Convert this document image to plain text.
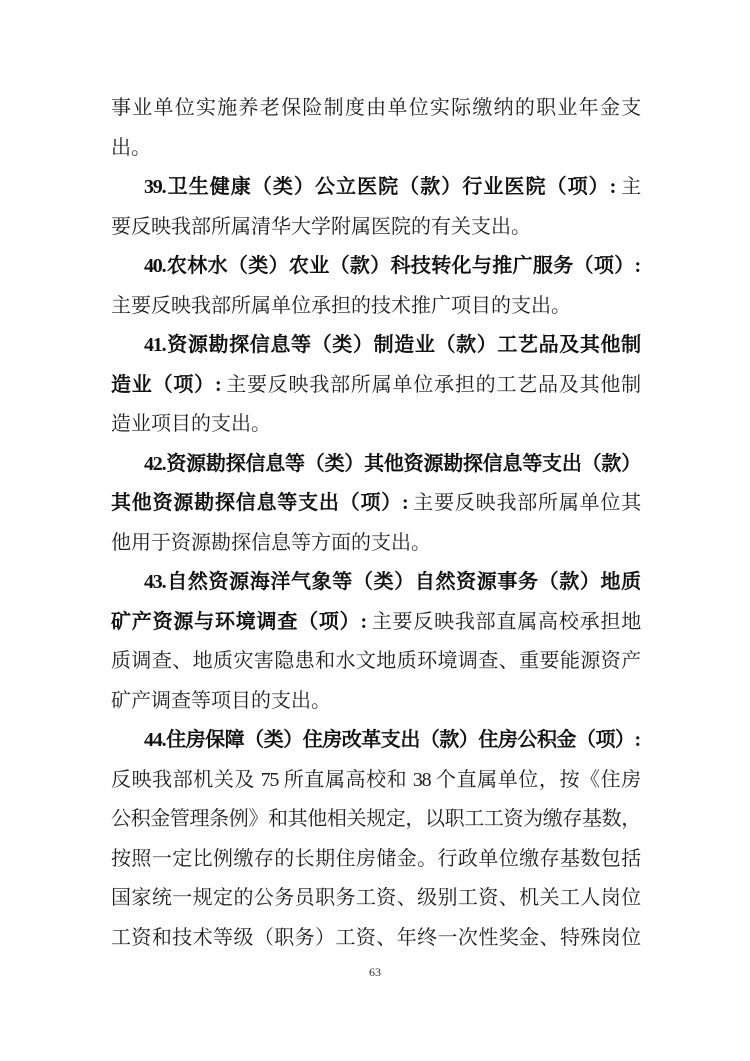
事业单位实施养老保险制度由单位实际缴纳的职业年金支
出。
39.卫生健康（类）公立医院（款）行业医院（项）: 主
要反映我部所属清华大学附属医院的有关支出。
40.农林水（类）农业（款）科技转化与推广服务（项）:
主要反映我部所属单位承担的技术推广项目的支出。
41.资源勘探信息等（类）制造业（款）工艺品及其他制
造业（项）: 主要反映我部所属单位承担的工艺品及其他制
造业项目的支出。
42.资源勘探信息等（类）其他资源勘探信息等支出（款）
其他资源勘探信息等支出（项）: 主要反映我部所属单位其
他用于资源勘探信息等方面的支出。
43.自然资源海洋气象等（类）自然资源事务（款）地质
矿产资源与环境调查（项）: 主要反映我部直属高校承担地
质调查、地质灾害隐患和水文地质环境调查、重要能源资产
矿产调查等项目的支出。
44.住房保障（类）住房改革支出（款）住房公积金（项）:
反映我部机关及 75 所直属高校和 38 个直属单位，按《住房
公积金管理条例》和其他相关规定，以职工工资为缴存基数，
按照一定比例缴存的长期住房储金。行政单位缴存基数包括
国家统一规定的公务员职务工资、级别工资、机关工人岗位
工资和技术等级（职务）工资、年终一次性奖金、特殊岗位
63
